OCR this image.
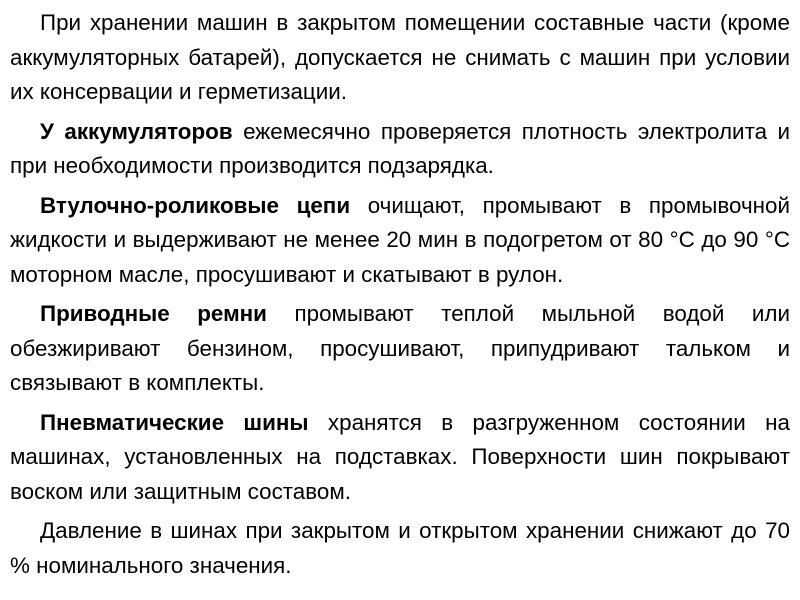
При хранении машин в закрытом помещении составные части (кроме аккумуляторных батарей), допускается не снимать с машин при условии их консервации и герметизации.

У аккумуляторов ежемесячно проверяется плотность электролита и при необходимости производится подзарядка.

Втулочно-роликовые цепи очищают, промывают в промывочной жидкости и выдерживают не менее 20 мин в подогретом от 80 °С до 90 °С моторном масле, просушивают и скатывают в рулон.

Приводные ремни промывают теплой мыльной водой или обезжиривают бензином, просушивают, припудривают тальком и связывают в комплекты.

Пневматические шины хранятся в разгруженном состоянии на машинах, установленных на подставках. Поверхности шин покрывают воском или защитным составом.

Давление в шинах при закрытом и открытом хранении снижают до 70 % номинального значения.
